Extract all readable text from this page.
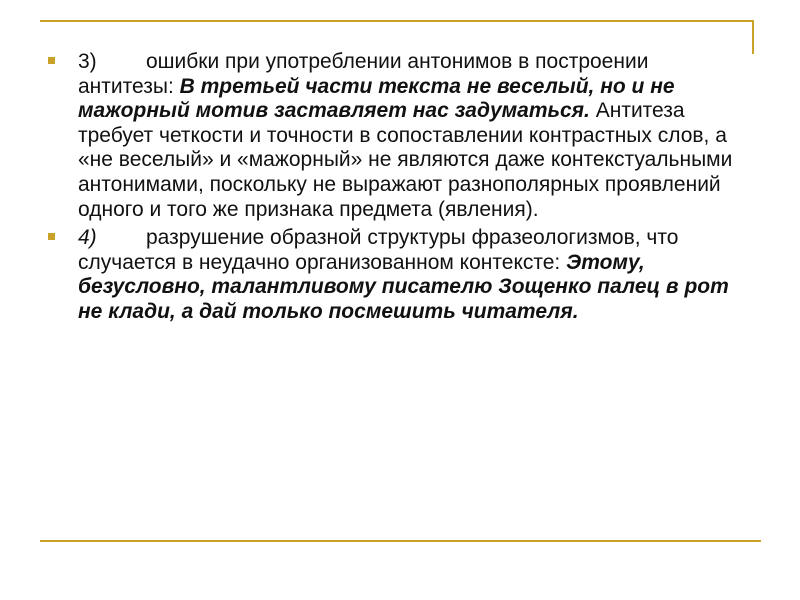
3) ошибки при употреблении антонимов в построении антитезы: В третьей части текста не веселый, но и не мажорный мотив заставляет нас задуматься. Антитеза требует четкости и точности в сопоставлении контрастных слов, а «не веселый» и «мажорный» не являются даже контекстуальными антонимами, поскольку не выражают разнополярных проявлений одного и того же признака предмета (явления).

4) разрушение образной структуры фразеологизмов, что случается в неудачно организованном контексте: Этому, безусловно, талантливому писателю Зощенко палец в рот не клади, а дай только посмешить читателя.
